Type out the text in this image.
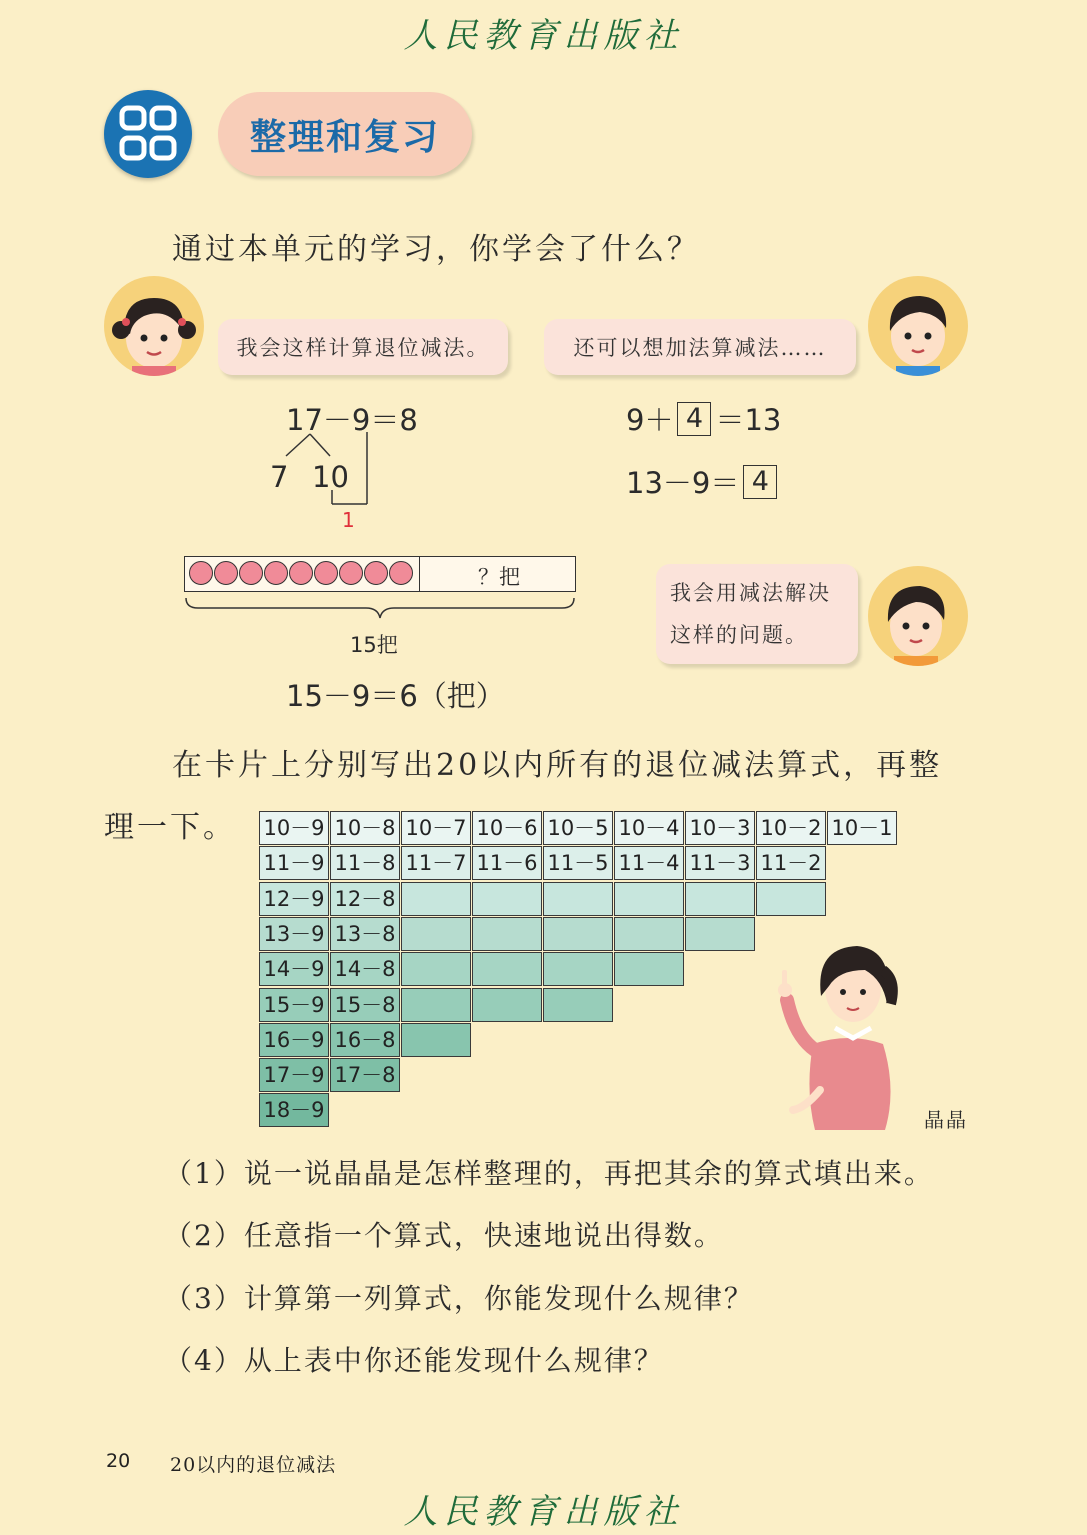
人民教育出版社
整理和复习
通过本单元的学习，你学会了什么？
我会这样计算退位减法。	还可以想加法算减法……
17－9＝8
7 10
1
9＋ 4 ＝13
13－9＝ 4
？把
15把
15－9＝6（把）
我会用减法解决
这样的问题。
在卡片上分别写出20以内所有的退位减法算式，再整
理一下。 10－9 10－8 10－7 10－6 10－5 10－4 10－3 10－2 10－1
11－9 11－8 11－7 11－6 11－5 11－4 11－3 11－2
12－9 12－8
13－9 13－8
14－9 14－8
15－9 15－8
16－9 16－8
17－9 17－8
18－9	晶晶
（1）说一说晶晶是怎样整理的，再把其余的算式填出来。
（2）任意指一个算式，快速地说出得数。
（3）计算第一列算式，你能发现什么规律？
（4）从上表中你还能发现什么规律？
20 20以内的退位减法
人民教育出版社
